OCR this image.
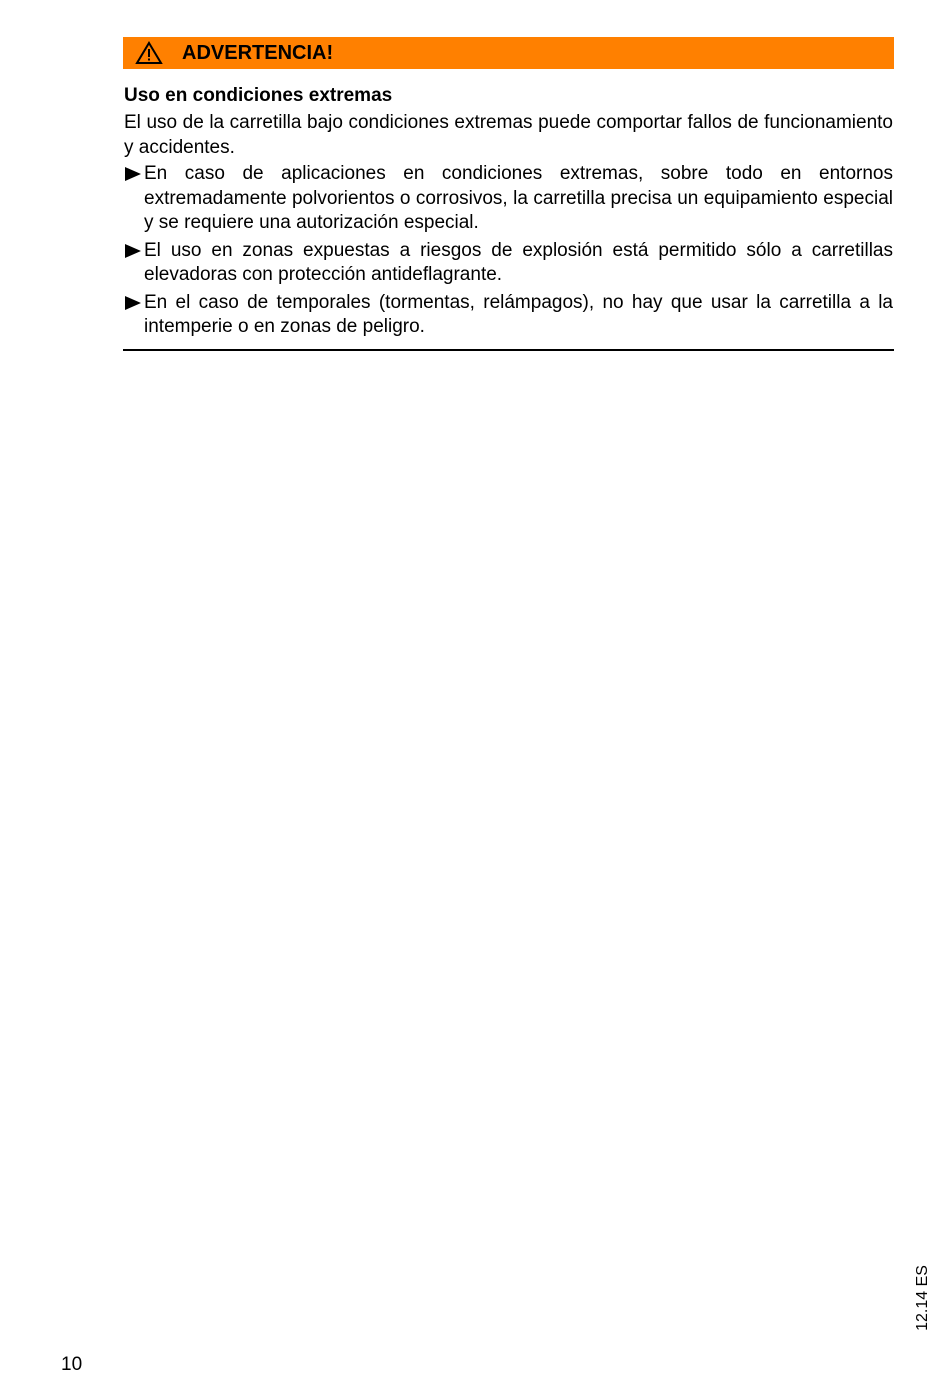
ADVERTENCIA!
Uso en condiciones extremas

El uso de la carretilla bajo condiciones extremas puede comportar fallos de funcionamiento y accidentes.

En caso de aplicaciones en condiciones extremas, sobre todo en entornos extremadamente polvorientos o corrosivos, la carretilla precisa un equipamiento especial y se requiere una autorización especial.
El uso en zonas expuestas a riesgos de explosión está permitido sólo a carretillas elevadoras con protección antideflagrante.
En el caso de temporales (tormentas, relámpagos), no hay que usar la carretilla a la intemperie o en zonas de peligro.
10
12.14 ES
